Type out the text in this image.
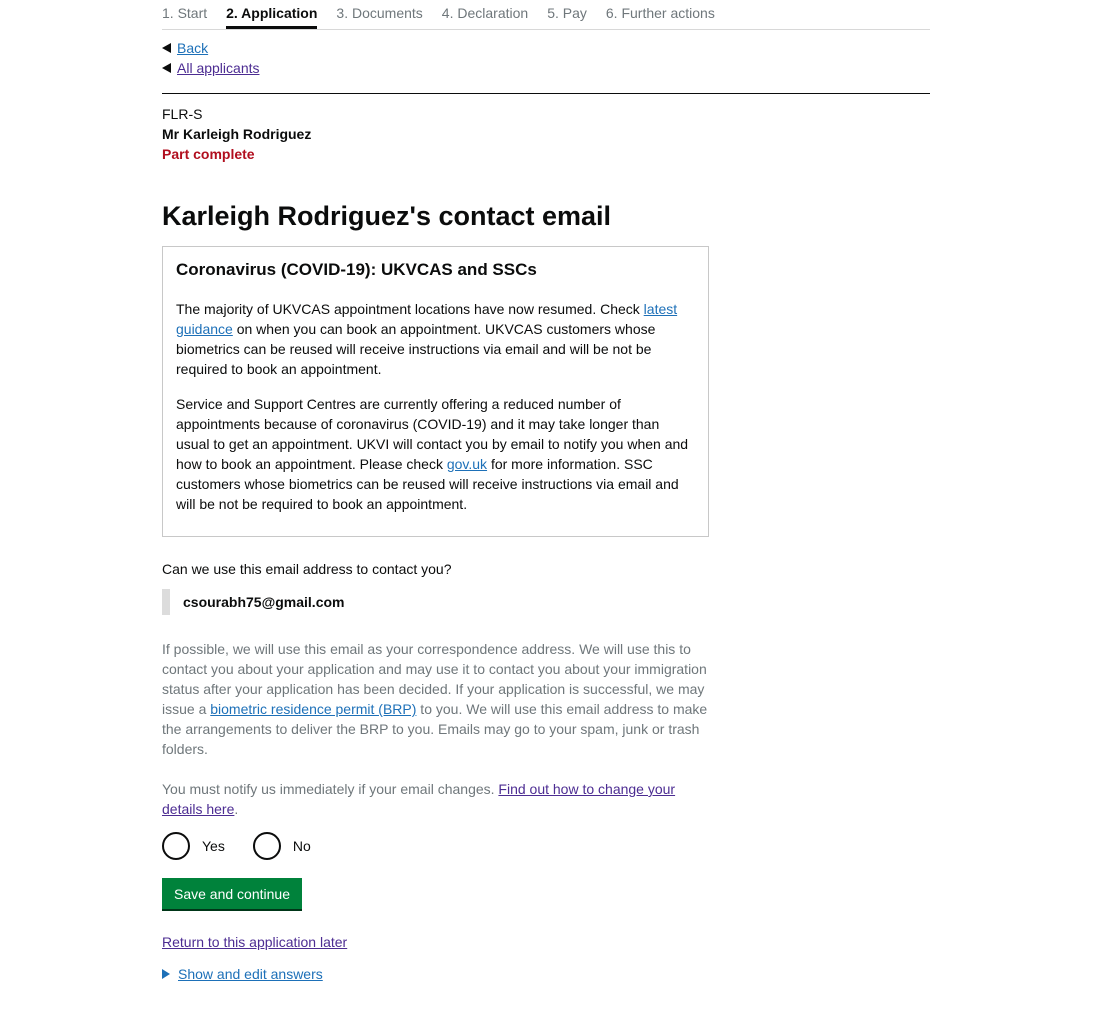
1. Start 2. Application 3. Documents 4. Declaration 5. Pay 6. Further actions
Back
All applicants
FLR-S
Mr Karleigh Rodriguez
Part complete
Karleigh Rodriguez's contact email
Coronavirus (COVID-19): UKVCAS and SSCs

The majority of UKVCAS appointment locations have now resumed. Check latest guidance on when you can book an appointment. UKVCAS customers whose biometrics can be reused will receive instructions via email and will be not be required to book an appointment.

Service and Support Centres are currently offering a reduced number of appointments because of coronavirus (COVID-19) and it may take longer than usual to get an appointment. UKVI will contact you by email to notify you when and how to book an appointment. Please check gov.uk for more information. SSC customers whose biometrics can be reused will receive instructions via email and will be not be required to book an appointment.

Can we use this email address to contact you?
csourabh75@gmail.com

If possible, we will use this email as your correspondence address. We will use this to contact you about your application and may use it to contact you about your immigration status after your application has been decided. If your application is successful, we may issue a biometric residence permit (BRP) to you. We will use this email address to make the arrangements to deliver the BRP to you. Emails may go to your spam, junk or trash folders.

You must notify us immediately if your email changes. Find out how to change your details here.

Yes	No
Save and continue
Return to this application later
Show and edit answers
